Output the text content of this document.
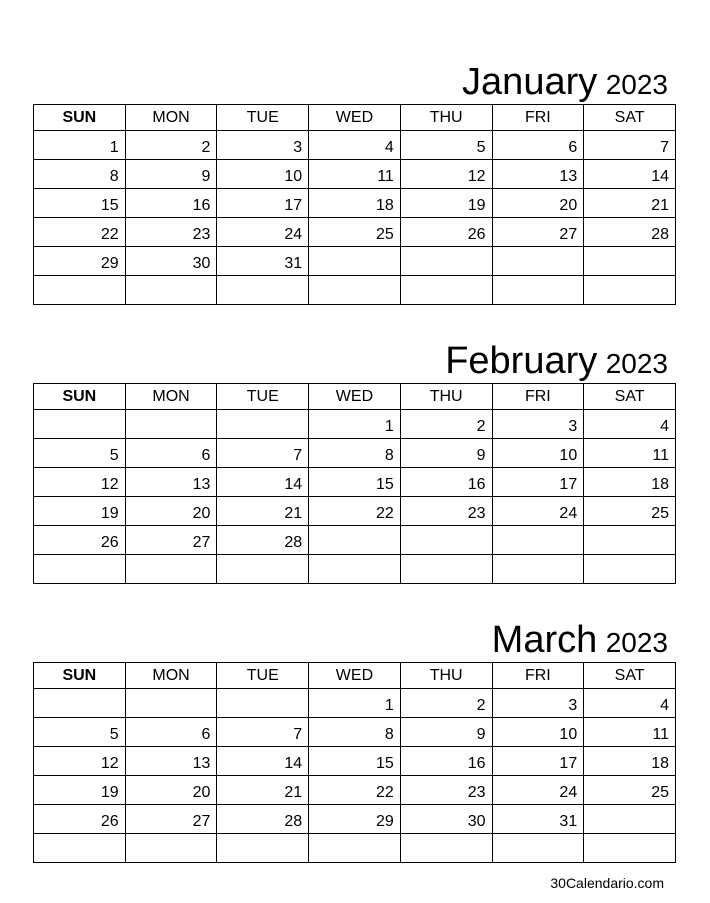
January 2023
SUN	MON	TUE	WED	THU	FRI	SAT
1	2	3	4	5	6	7
8	9	10	11	12	13	14
15	16	17	18	19	20	21
22	23	24	25	26	27	28
29	30	31				

February 2023
SUN	MON	TUE	WED	THU	FRI	SAT
			1	2	3	4
5	6	7	8	9	10	11
12	13	14	15	16	17	18
19	20	21	22	23	24	25
26	27	28				

March 2023
SUN	MON	TUE	WED	THU	FRI	SAT
			1	2	3	4
5	6	7	8	9	10	11
12	13	14	15	16	17	18
19	20	21	22	23	24	25
26	27	28	29	30	31	

30Calendario.com
